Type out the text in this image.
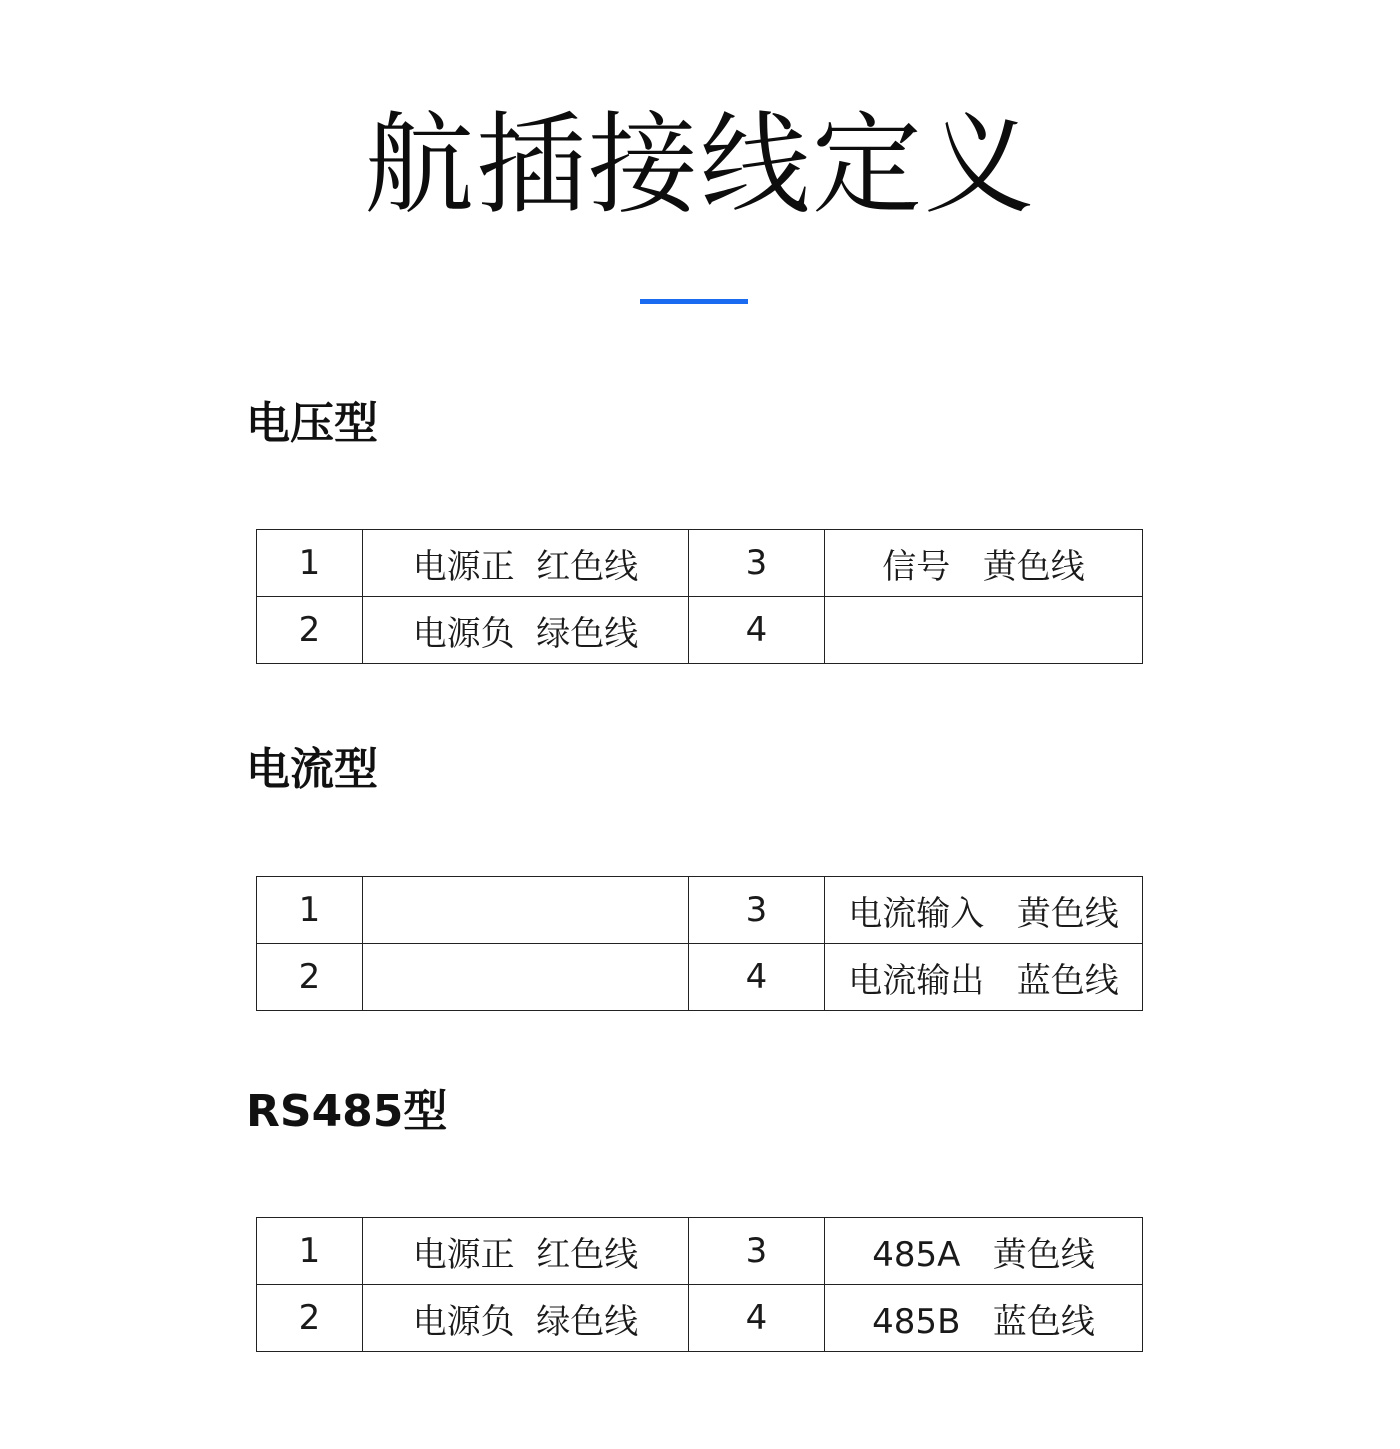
航插接线定义
电压型
1	电源正  红色线	3	信号   黄色线
2	电源负  绿色线	4	
电流型
1		3	电流输入   黄色线
2		4	电流输出   蓝色线
RS485型
1	电源正  红色线	3	485A   黄色线
2	电源负  绿色线	4	485B   蓝色线
